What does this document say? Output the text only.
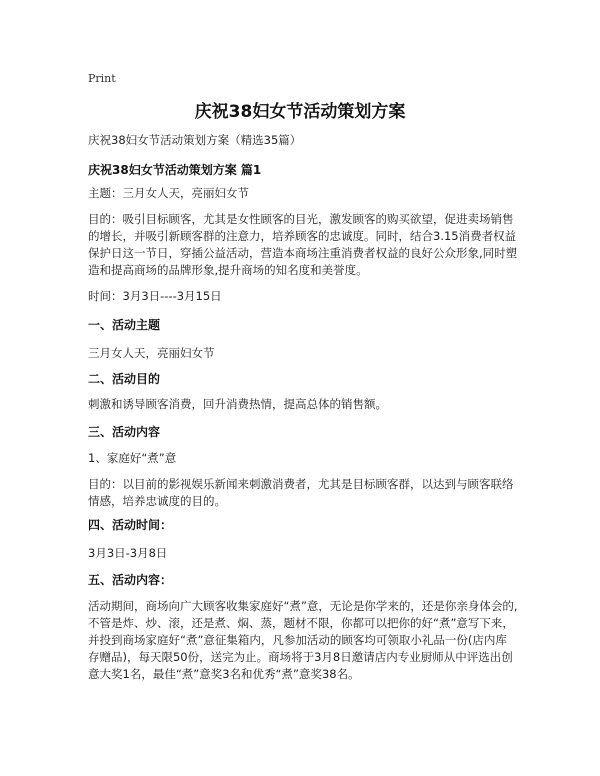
Print
庆祝38妇女节活动策划方案

庆祝38妇女节活动策划方案（精选35篇）

庆祝38妇女节活动策划方案 篇1

主题：三月女人天，亮丽妇女节

目的：吸引目标顾客，尤其是女性顾客的目光，激发顾客的购买欲望，促进卖场销售的增长，并吸引新顾客群的注意力，培养顾客的忠诚度。同时，结合3.15消费者权益保护日这一节日，穿插公益活动，营造本商场注重消费者权益的良好公众形象,同时塑造和提高商场的品牌形象,提升商场的知名度和美誉度。

时间：3月3日----3月15日

一、活动主题

三月女人天，亮丽妇女节

二、活动目的

刺激和诱导顾客消费，回升消费热情，提高总体的销售额。

三、活动内容

1、家庭好“煮”意

目的：以目前的影视娱乐新闻来刺激消费者，尤其是目标顾客群，以达到与顾客联络情感，培养忠诚度的目的。

四、活动时间：

3月3日-3月8日

五、活动内容：

活动期间，商场向广大顾客收集家庭好“煮”意，无论是你学来的，还是你亲身体会的,不管是炸、炒、滚，还是煮、焖、蒸，题材不限，你都可以把你的好“煮”意写下来，并投到商场家庭好“煮”意征集箱内，凡参加活动的顾客均可领取小礼品一份(店内库存赠品)，每天限50份，送完为止。商场将于3月8日邀请店内专业厨师从中评选出创意大奖1名，最佳“煮”意奖3名和优秀“煮”意奖38名。
